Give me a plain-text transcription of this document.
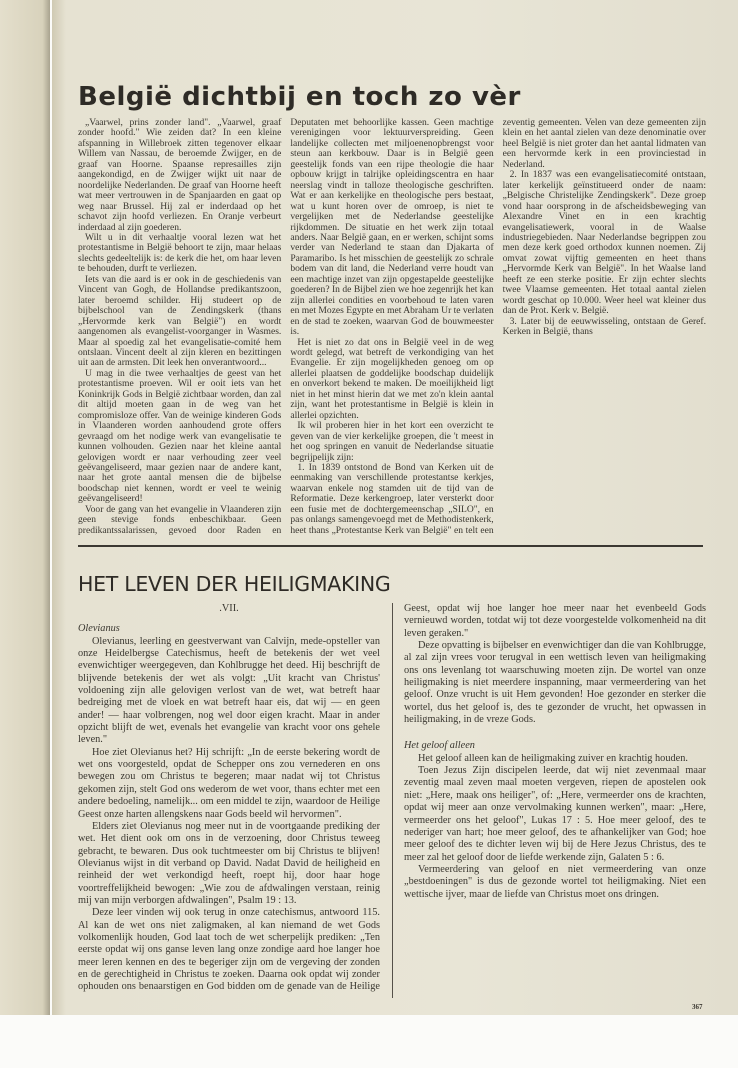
België dichtbij en toch zo vèr

„Vaarwel, prins zonder land". „Vaarwel, graaf zonder hoofd." Wie zeiden dat? In een kleine afspanning in Willebroek zitten tegenover elkaar Willem van Nassau, de beroemde Zwijger, en de graaf van Hoorne. Spaanse represailles zijn aangekondigd, en de Zwijger wijkt uit naar de noordelijke Nederlanden. De graaf van Hoorne heeft wat meer vertrouwen in de Spanjaarden en gaat op weg naar Brussel. Hij zal er inderdaad op het schavot zijn hoofd verliezen. En Oranje verbeurt inderdaad al zijn goederen.

Wilt u in dit verhaaltje vooral lezen wat het protestantisme in België behoort te zijn, maar helaas slechts gedeeltelijk is: de kerk die het, om haar leven te behouden, durft te verliezen.

Iets van die aard is er ook in de geschiedenis van Vincent van Gogh, de Hollandse predikantszoon, later beroemd schilder. Hij studeert op de bijbelschool van de Zendingskerk (thans „Hervormde kerk van België") en wordt aangenomen als evangelist-voorganger in Wasmes. Maar al spoedig zal het evangelisatie-comité hem ontslaan. Vincent deelt al zijn kleren en bezittingen uit aan de armsten. Dit leek hen onverantwoord...

U mag in die twee verhaaltjes de geest van het protestantisme proeven. Wil er ooit iets van het Koninkrijk Gods in België zichtbaar worden, dan zal dit altijd moeten gaan in de weg van het compromisloze offer. Van de weinige kinderen Gods in Vlaanderen worden aanhoudend grote offers gevraagd om het nodige werk van evangelisatie te kunnen volhouden. Gezien naar het kleine aantal gelovigen wordt er naar verhouding zeer veel geëvangeliseerd, maar gezien naar de andere kant, naar het grote aantal mensen die de bijbelse boodschap niet kennen, wordt er veel te weinig geëvangeliseerd!

Voor de gang van het evangelie in Vlaanderen zijn geen stevige fonds enbeschikbaar. Geen predikantssalarissen, gevoed door Raden en Deputaten met behoorlijke kassen. Geen machtige verenigingen voor lektuurverspreiding. Geen landelijke collecten met miljoenenopbrengst voor steun aan kerkbouw. Daar is in België geen geestelijk fonds van een rijpe theologie die haar opbouw krijgt in talrijke opleidingscentra en haar neerslag vindt in talloze theologische geschriften. Wat er aan kerkelijke en theologische pers bestaat, wat u kunt horen over de omroep, is niet te vergelijken met de Nederlandse geestelijke rijkdommen. De situatie en het werk zijn totaal anders. Naar België gaan, en er werken, schijnt soms verder van Nederland te staan dan Djakarta of Paramaribo. Is het misschien de geestelijk zo schrale bodem van dit land, die Nederland verre houdt van een machtige inzet van zijn opgestapelde geestelijke goederen? In de Bijbel zien we hoe zegenrijk het kan zijn allerlei condities en voorbehoud te laten varen en met Mozes Egypte en met Abraham Ur te verlaten en de stad te zoeken, waarvan God de bouwmeester is.

Het is niet zo dat ons in België veel in de weg wordt gelegd, wat betreft de verkondiging van het Evangelie. Er zijn mogelijkheden genoeg om op allerlei plaatsen de goddelijke boodschap duidelijk en onverkort bekend te maken. De moeilijkheid ligt niet in het minst hierin dat we met zo'n klein aantal zijn, want het protestantisme in België is klein in allerlei opzichten.

Ik wil proberen hier in het kort een overzicht te geven van de vier kerkelijke groepen, die 't meest in het oog springen en vanuit de Nederlandse situatie begrijpelijk zijn:

1. In 1839 ontstond de Bond van Kerken uit de eenmaking van verschillende protestantse kerkjes, waarvan enkele nog stamden uit de tijd van de Reformatie. Deze kerkengroep, later versterkt door een fusie met de dochtergemeenschap „SILO", en pas onlangs samengevoegd met de Methodistenkerk, heet thans „Protestantse Kerk van België" en telt een zeventig gemeenten. Velen van deze gemeenten zijn klein en het aantal zielen van deze denominatie over heel België is niet groter dan het aantal lidmaten van een hervormde kerk in een provinciestad in Nederland.

2. In 1837 was een evangelisatiecomité ontstaan, later kerkelijk geïnstitueerd onder de naam: „Belgische Christelijke Zendingskerk". Deze groep vond haar oorsprong in de afscheidsbeweging van Alexandre Vinet en in een krachtig evangelisatiewerk, vooral in de Waalse industriegebieden. Naar Nederlandse begrippen zou men deze kerk goed orthodox kunnen noemen. Zij omvat zowat vijftig gemeenten en heet thans „Hervormde Kerk van België". In het Waalse land heeft ze een sterke positie. Er zijn echter slechts twee Vlaamse gemeenten. Het totaal aantal zielen wordt geschat op 10.000. Weer heel wat kleiner dus dan de Prot. Kerk v. België.

3. Later bij de eeuwwisseling, ontstaan de Geref. Kerken in België, thans

HET LEVEN DER HEILIGMAKING

.VII.

Olevianus

Olevianus, leerling en geestverwant van Calvijn, mede-opsteller van onze Heidelbergse Catechismus, heeft de betekenis der wet veel evenwichtiger weergegeven, dan Kohlbrugge het deed. Hij beschrijft de blijvende betekenis der wet als volgt: „Uit kracht van Christus' voldoening zijn alle gelovigen verlost van de wet, wat betreft haar bedreiging met de vloek en wat betreft haar eis, dat wij — en geen ander! — haar volbrengen, nog wel door eigen kracht. Maar in ander opzicht blijft de wet, evenals het evangelie van kracht voor ons gehele leven."

Hoe ziet Olevianus het? Hij schrijft: „In de eerste bekering wordt de wet ons voorgesteld, opdat de Schepper ons zou vernederen en ons bewegen zou om Christus te begeren; maar nadat wij tot Christus gekomen zijn, stelt God ons wederom de wet voor, thans echter met een andere bedoeling, namelijk... om een middel te zijn, waardoor de Heilige Geest onze harten allengskens naar Gods beeld wil hervormen".

Elders ziet Olevianus nog meer nut in de voortgaande prediking der wet. Het dient ook om ons in de verzoening, door Christus teweeg gebracht, te bewaren. Dus ook tuchtmeester om bij Christus te blijven! Olevianus wijst in dit verband op David. Nadat David de heiligheid en reinheid der wet verkondigd heeft, roept hij, door haar hoge voortreffelijkheid bewogen: „Wie zou de afdwalingen verstaan, reinig mij van mijn verborgen afdwalingen", Psalm 19 : 13.

Deze leer vinden wij ook terug in onze catechismus, antwoord 115. Al kan de wet ons niet zaligmaken, al kan niemand de wet Gods volkomenlijk houden, God laat toch de wet scherpelijk prediken: „Ten eerste opdat wij ons ganse leven lang onze zondige aard hoe langer hoe meer leren kennen en des te begeriger zijn om de vergeving der zonden en de gerechtigheid in Christus te zoeken. Daarna ook opdat wij zonder ophouden ons benaarstigen en God bidden om de genade van de Heilige Geest, opdat wij hoe langer hoe meer naar het evenbeeld Gods vernieuwd worden, totdat wij tot deze voorgestelde volkomenheid na dit leven geraken."

Deze opvatting is bijbelser en evenwichtiger dan die van Kohlbrugge, al zal zijn vrees voor terugval in een wettisch leven van heiligmaking ons ons levenlang tot waarschuwing moeten zijn. De wortel van onze heiligmaking is niet meerdere inspanning, maar vermeerdering van het geloof. Onze vrucht is uit Hem gevonden! Hoe gezonder en sterker die wortel, dus het geloof is, des te gezonder de vrucht, het opwassen in heiligmaking, in de vreze Gods.

Het geloof alleen

Het geloof alleen kan de heiligmaking zuiver en krachtig houden.

Toen Jezus Zijn discipelen leerde, dat wij niet zevenmaal maar zeventig maal zeven maal moeten vergeven, riepen de apostelen ook niet: „Here, maak ons heiliger", of: „Here, vermeerder ons de krachten, opdat wij meer aan onze vervolmaking kunnen werken", maar: „Here, vermeerder ons het geloof", Lukas 17 : 5. Hoe meer geloof, des te nederiger van hart; hoe meer geloof, des te afhankelijker van God; hoe meer geloof des te dichter leven wij bij de Here Jezus Christus, des te meer zal het geloof door de liefde werkende zijn, Galaten 5 : 6.

Vermeerdering van geloof en niet vermeerdering van onze „bestdoeningen" is dus de gezonde wortel tot heiligmaking. Niet een wettische ijver, maar de liefde van Christus moet ons dringen.

367
